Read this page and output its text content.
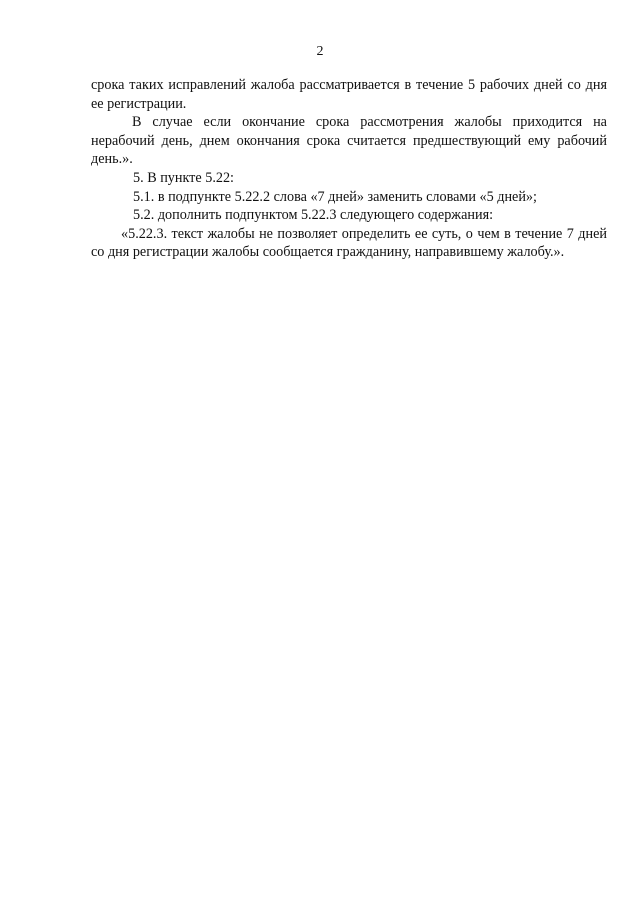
2

срока таких исправлений жалоба рассматривается в течение 5 рабочих дней со дня ее регистрации.

В случае если окончание срока рассмотрения жалобы приходится на нерабочий день, днем окончания срока считается предшествующий ему рабочий день.».

5. В пункте 5.22:

5.1. в подпункте 5.22.2 слова «7 дней» заменить словами «5 дней»;

5.2. дополнить подпунктом 5.22.3 следующего содержания:

«5.22.3. текст жалобы не позволяет определить ее суть, о чем в течение 7 дней со дня регистрации жалобы сообщается гражданину, направившему жалобу.».
